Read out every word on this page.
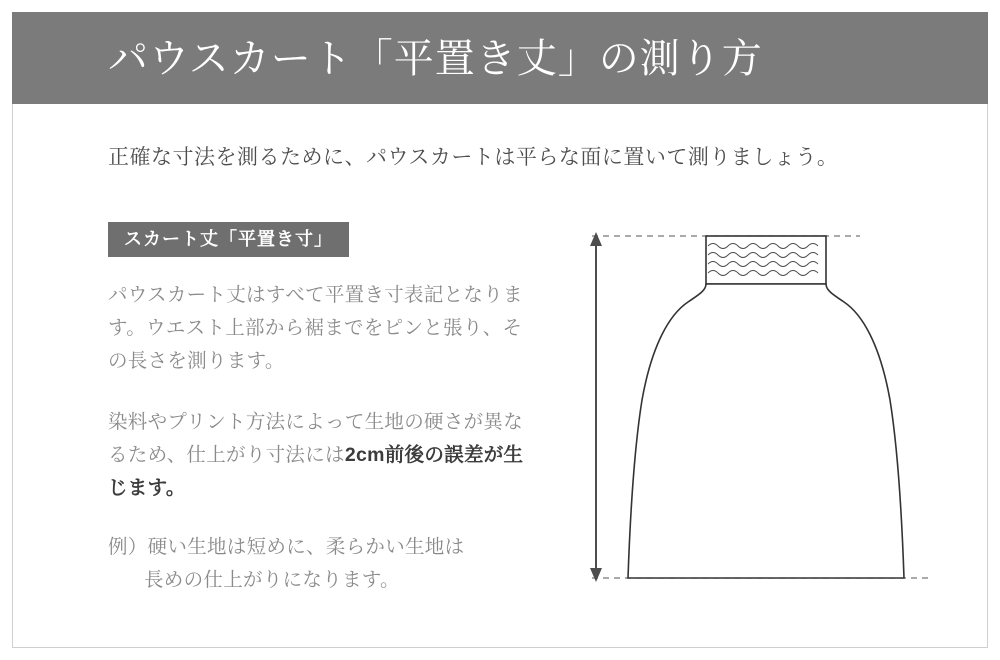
パウスカート「平置き丈」の測り方
正確な寸法を測るために、パウスカートは平らな面に置いて測りましょう。
スカート丈「平置き寸」
パウスカート丈はすべて平置き寸表記となります。ウエスト上部から裾までをピンと張り、その長さを測ります。
染料やプリント方法によって生地の硬さが異なるため、仕上がり寸法には2cm前後の誤差が生じます。
例）硬い生地は短めに、柔らかい生地は
長めの仕上がりになります。
